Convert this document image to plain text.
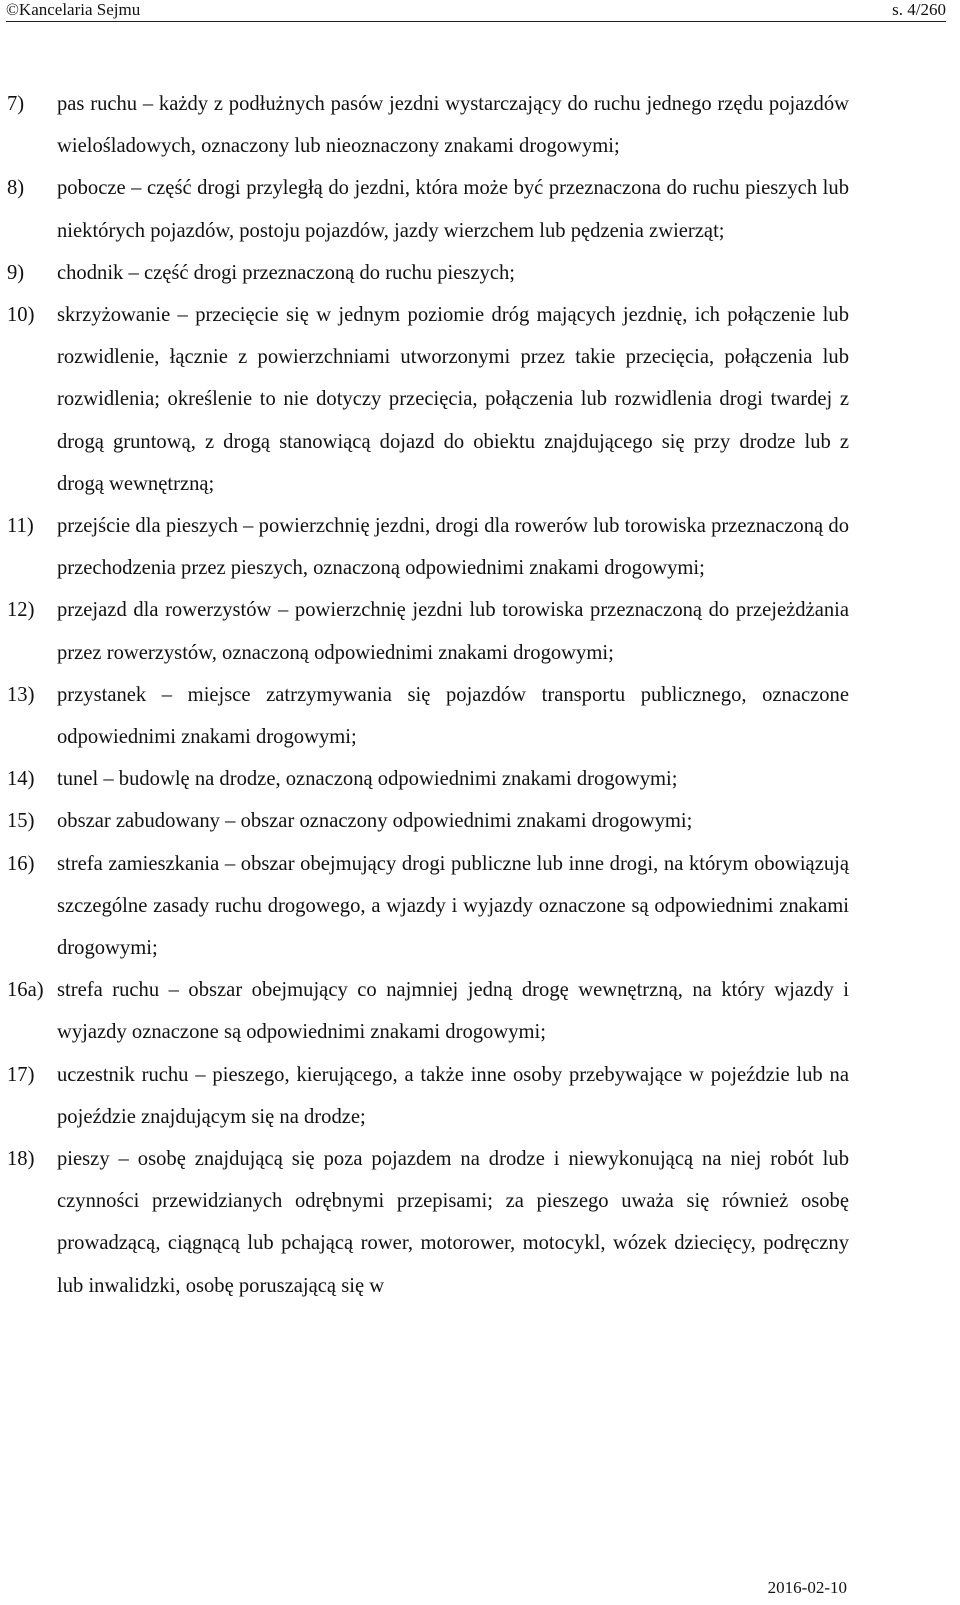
©Kancelaria Sejmu	s. 4/260
7)	pas ruchu – każdy z podłużnych pasów jezdni wystarczający do ruchu jednego rzędu pojazdów wielośladowych, oznaczony lub nieoznaczony znakami drogowymi;
8)	pobocze – część drogi przyległą do jezdni, która może być przeznaczona do ruchu pieszych lub niektórych pojazdów, postoju pojazdów, jazdy wierzchem lub pędzenia zwierząt;
9)	chodnik – część drogi przeznaczoną do ruchu pieszych;
10)	skrzyżowanie – przecięcie się w jednym poziomie dróg mających jezdnię, ich połączenie lub rozwidlenie, łącznie z powierzchniami utworzonymi przez takie przecięcia, połączenia lub rozwidlenia; określenie to nie dotyczy przecięcia, połączenia lub rozwidlenia drogi twardej z drogą gruntową, z drogą stanowiącą dojazd do obiektu znajdującego się przy drodze lub z drogą wewnętrzną;
11)	przejście dla pieszych – powierzchnię jezdni, drogi dla rowerów lub torowiska przeznaczoną do przechodzenia przez pieszych, oznaczoną odpowiednimi znakami drogowymi;
12)	przejazd dla rowerzystów – powierzchnię jezdni lub torowiska przeznaczoną do przejeżdżania przez rowerzystów, oznaczoną odpowiednimi znakami drogowymi;
13)	przystanek – miejsce zatrzymywania się pojazdów transportu publicznego, oznaczone odpowiednimi znakami drogowymi;
14)	tunel – budowlę na drodze, oznaczoną odpowiednimi znakami drogowymi;
15)	obszar zabudowany – obszar oznaczony odpowiednimi znakami drogowymi;
16)	strefa zamieszkania – obszar obejmujący drogi publiczne lub inne drogi, na którym obowiązują szczególne zasady ruchu drogowego, a wjazdy i wyjazdy oznaczone są odpowiednimi znakami drogowymi;
16a) strefa ruchu – obszar obejmujący co najmniej jedną drogę wewnętrzną, na który wjazdy i wyjazdy oznaczone są odpowiednimi znakami drogowymi;
17)	uczestnik ruchu – pieszego, kierującego, a także inne osoby przebywające w pojeździe lub na pojeździe znajdującym się na drodze;
18)	pieszy – osobę znajdującą się poza pojazdem na drodze i niewykonującą na niej robót lub czynności przewidzianych odrębnymi przepisami; za pieszego uważa się również osobę prowadzącą, ciągnącą lub pchającą rower, motorower, motocykl, wózek dziecięcy, podręczny lub inwalidzki, osobę poruszającą się w
2016-02-10
